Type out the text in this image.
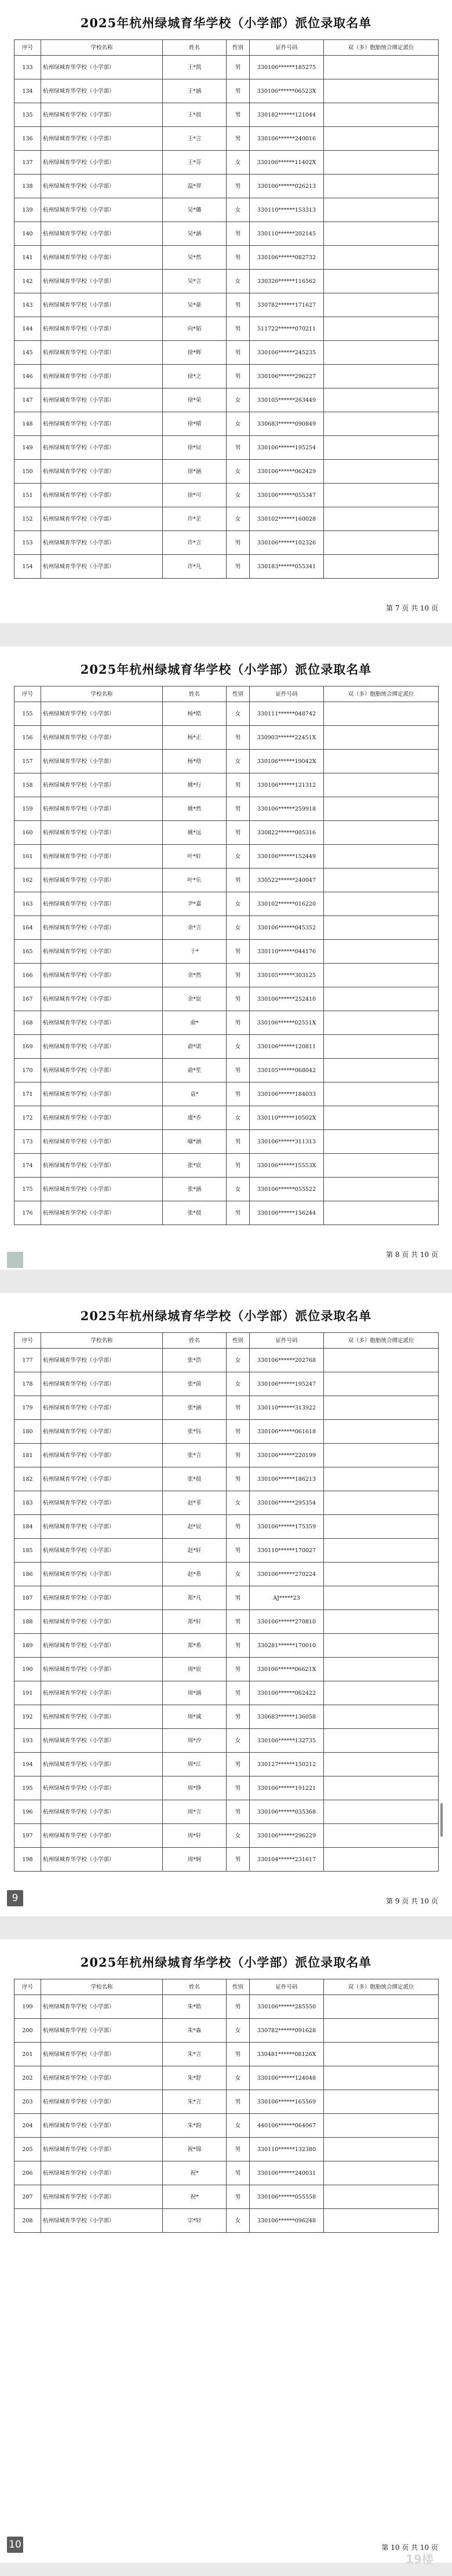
2025年杭州绿城育华学校（小学部）派位录取名单
序号	学校名称	姓名	性别	证件号码	双（多）胞胎统合绑定派位
133	杭州绿城育华学校（小学部）	王*凯	男	330106******185275	
134	杭州绿城育华学校（小学部）	王*涵	男	330106******06523X	
135	杭州绿城育华学校（小学部）	王*晨	男	330182******121044	
136	杭州绿城育华学校（小学部）	王*言	男	330106******240016	
137	杭州绿城育华学校（小学部）	王*芬	女	330106******11402X	
138	杭州绿城育华学校（小学部）	温*羿	男	330106******026213	
139	杭州绿城育华学校（小学部）	吴*璐	女	330110******153313	
140	杭州绿城育华学校（小学部）	吴*涵	男	330110******202145	
141	杭州绿城育华学校（小学部）	吴*然	男	330106******082732	
142	杭州绿城育华学校（小学部）	吴*言	女	330326******116562	
143	杭州绿城育华学校（小学部）	吴*豪	男	330782******171627	
144	杭州绿城育华学校（小学部）	向*韬	男	511722******070211	
145	杭州绿城育华学校（小学部）	徐*辉	男	330106******245235	
146	杭州绿城育华学校（小学部）	徐*之	男	330106******296227	
147	杭州绿城育华学校（小学部）	徐*荣	女	330105******263449	
148	杭州绿城育华学校（小学部）	徐*晴	女	330683******090849	
149	杭州绿城育华学校（小学部）	徐*辰	男	330106******195254	
150	杭州绿城育华学校（小学部）	徐*涵	女	330106******062429	
151	杭州绿城育华学校（小学部）	徐*可	女	330106******055347	
152	杭州绿城育华学校（小学部）	许*芷	女	330102******160028	
153	杭州绿城育华学校（小学部）	许*言	男	330106******102326	
154	杭州绿城育华学校（小学部）	许*凡	男	330183******055341	
第 7 页 共 10 页
2025年杭州绿城育华学校（小学部）派位录取名单
序号	学校名称	姓名	性别	证件号码	双（多）胞胎统合绑定派位
155	杭州绿城育华学校（小学部）	杨*皓	女	330111******048742	
156	杭州绿城育华学校（小学部）	杨*正	男	330903******22451X	
157	杭州绿城育华学校（小学部）	杨*晗	女	330106******19042X	
158	杭州绿城育华学校（小学部）	姚*行	男	330106******121312	
159	杭州绿城育华学校（小学部）	姚*然	男	330106******259918	
160	杭州绿城育华学校（小学部）	姚*远	男	330822******005316	
161	杭州绿城育华学校（小学部）	叶*轩	女	330106******152449	
162	杭州绿城育华学校（小学部）	叶*乐	男	330522******240047	
163	杭州绿城育华学校（小学部）	尹*嘉	女	330102******016220	
164	杭州绿城育华学校（小学部）	余*言	女	330106******045352	
165	杭州绿城育华学校（小学部）	于*	男	330110******044176	
166	杭州绿城育华学校（小学部）	余*然	男	330105******303125	
167	杭州绿城育华学校（小学部）	余*宸	男	330106******252410	
168	杭州绿城育华学校（小学部）	俞*	男	330106******02551X	
169	杭州绿城育华学校（小学部）	俞*诺	女	330106******120811	
170	杭州绿城育华学校（小学部）	俞*笙	男	330105******068042	
171	杭州绿城育华学校（小学部）	袁*	男	330106******184033	
172	杭州绿城育华学校（小学部）	虞*乔	女	330110******10502X	
173	杭州绿城育华学校（小学部）	喻*涵	男	330106******311313	
174	杭州绿城育华学校（小学部）	张*宸	男	330106******15553X	
175	杭州绿城育华学校（小学部）	张*涵	女	330106******055522	
176	杭州绿城育华学校（小学部）	张*晨	男	330106******156244	
第 8 页 共 10 页
2025年杭州绿城育华学校（小学部）派位录取名单
序号	学校名称	姓名	性别	证件号码	双（多）胞胎统合绑定派位
177	杭州绿城育华学校（小学部）	张*浩	女	330106******202768	
178	杭州绿城育华学校（小学部）	张*茵	女	330106******195247	
179	杭州绿城育华学校（小学部）	张*涵	男	330110******313922	
180	杭州绿城育华学校（小学部）	张*钰	男	330106******061618	
181	杭州绿城育华学校（小学部）	张*言	男	330106******220199	
182	杭州绿城育华学校（小学部）	张*晨	男	330106******186213	
183	杭州绿城育华学校（小学部）	赵*菲	女	330106******295354	
184	杭州绿城育华学校（小学部）	赵*辰	男	330106******175359	
185	杭州绿城育华学校（小学部）	赵*轩	男	330110******170027	
186	杭州绿城育华学校（小学部）	赵*希	女	330106******270224	
187	杭州绿城育华学校（小学部）	郑*凡	男	AJ*****23	
188	杭州绿城育华学校（小学部）	郑*轩	男	330106******270810	
189	杭州绿城育华学校（小学部）	郑*希	男	330281******170010	
190	杭州绿城育华学校（小学部）	周*宸	男	330106******06621X	
191	杭州绿城育华学校（小学部）	周*涵	男	330106******062422	
192	杭州绿城育华学校（小学部）	周*诚	男	330683******136058	
193	杭州绿城育华学校（小学部）	周*汐	女	330106******132735	
194	杭州绿城育华学校（小学部）	周*江	男	330127******150212	
195	杭州绿城育华学校（小学部）	周*铮	男	330106******191221	
196	杭州绿城育华学校（小学部）	周*言	男	330106******035368	
197	杭州绿城育华学校（小学部）	周*轩	女	330106******296229	
198	杭州绿城育华学校（小学部）	周*轲	男	330104******231617	
9	第 9 页 共 10 页
2025年杭州绿城育华学校（小学部）派位录取名单
序号	学校名称	姓名	性别	证件号码	双（多）胞胎统合绑定派位
199	杭州绿城育华学校（小学部）	朱*皓	男	330106******285550	
200	杭州绿城育华学校（小学部）	朱*淼	女	330782******091628	
201	杭州绿城育华学校（小学部）	朱*言	男	330481******08126X	
202	杭州绿城育华学校（小学部）	朱*舒	女	330106******124048	
203	杭州绿城育华学校（小学部）	朱*言	男	330106******165569	
204	杭州绿城育华学校（小学部）	朱*韵	女	440106******064067	
205	杭州绿城育华学校（小学部）	祝*锦	男	330110******132380	
206	杭州绿城育华学校（小学部）	祝*	男	330106******240031	
207	杭州绿城育华学校（小学部）	祝*	男	330106******055558	
208	杭州绿城育华学校（小学部）	宗*轻	女	330106******096248	
10	第 10 页 共 10 页
19楼
